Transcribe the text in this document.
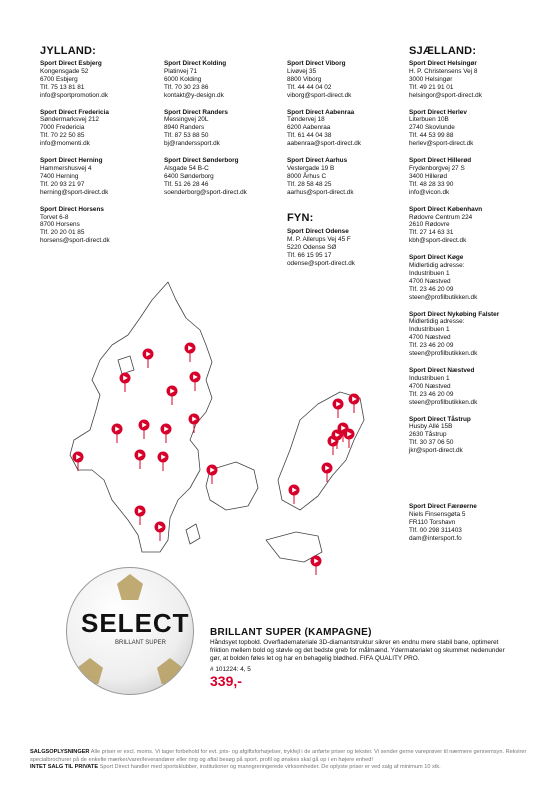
JYLLAND:	SJÆLLAND:
Sport Direct Esbjerg
Kongensgade 52
6700 Esbjerg
Tlf. 75 13 81 81
info@sportpromotion.dk
Sport Direct Fredericia
Søndermarksvej 212
7000 Fredericia
Tlf. 70 22 50 85
info@momenti.dk
Sport Direct Herning
Hammershusvej 4
7400 Herning
Tlf. 20 93 21 97
herning@sport-direct.dk
Sport Direct Horsens
Torvet 6-8
8700 Horsens
Tlf. 20 20 01 85
horsens@sport-direct.dk
Sport Direct Kolding
Platinvej 71
6000 Kolding
Tlf. 70 30 23 86
kontakt@y-design.dk
Sport Direct Randers
Messingvej 20L
8940 Randers
Tlf. 87 53 88 50
bj@randerssport.dk
Sport Direct Sønderborg
Alsgade 54 B-C
6400 Sønderborg
Tlf. 51 26 28 46
soenderborg@sport-direct.dk
Sport Direct Viborg
Livøvej 35
8800 Viborg
Tlf. 44 44 04 02
viborg@sport-direct.dk
Sport Direct Aabenraa
Tøndervej 18
6200 Aabenraa
Tlf. 61 44 04 38
aabenraa@sport-direct.dk
Sport Direct Aarhus
Vestergade 19 B
8000 Århus C
Tlf. 28 58 48 25
aarhus@sport-direct.dk
Sport Direct Helsingør
H. P. Christensens Vej 8
3000 Helsingør
Tlf. 49 21 91 01
helsingor@sport-direct.dk
Sport Direct Herlev
Literbuen 10B
2740 Skovlunde
Tlf. 44 53 99 88
herlev@sport-direct.dk
Sport Direct Hillerød
Frydenborgvej 27 S
3400 Hillerød
Tlf. 48 28 33 90
info@vicon.dk
Sport Direct København
Rødovre Centrum 224
2610 Rødovre
Tlf. 27 14 63 31
kbh@sport-direct.dk
Sport Direct Køge
Midlertidig adresse:
Industribuen 1
4700 Næstved
Tlf. 23 46 20 09
steen@profilbutikken.dk
Sport Direct Nykøbing Falster
Midlertidig adresse:
Industribuen 1
4700 Næstved
Tlf. 23 46 20 09
steen@profilbutikken.dk
Sport Direct Næstved
Industribuen 1
4700 Næstved
Tlf. 23 46 20 09
steen@profilbutikken.dk
Sport Direct Tåstrup
Husby Allé 15B
2630 Tåstrup
Tlf. 30 37 06 50
jkr@sport-direct.dk
FYN:
Sport Direct Odense
M. P. Allerups Vej 45 F
5220 Odense SØ
Tlf. 66 15 95 17
odense@sport-direct.dk
Sport Direct Færøerne
Niels Finsensgøta 5
FR110 Torshavn
Tlf. 00 298 311403
dam@intersport.fo
SELECT
BRILLANT SUPER
BRILLANT SUPER (KAMPAGNE)
Håndsyet topbold. Overflademateriale 3D-diamantstruktur sikrer en endnu mere stabil bane, optimeret friktion mellem bold og støvle og det bedste greb for målmænd. Ydermaterialet og skummet nedenunder gør, at bolden føles let og har en behagelig blødhed. FIFA QUALITY PRO.
# 101224: 4, 5
339,-
SALGSOPLYSNINGER Alle priser er excl. moms. Vi tager forbehold for evt. pris- og afgiftsforhøjelser, trykfejl i de anførte priser og tekster. Vi sender gerne vareprøver til nærmere gennemsyn. Rekvirer specialbrochurer på de enkelte mærker/varer/leverandører eller ring og aftal besøg på sport. profil og ønskes skal gå op i en højere enhed!
INTET SALG TIL PRIVATE Sport Direct handler med sportsklubber, institutioner og manngreringerede virksomheder. De oplyste priser er ved salg af minimum 10 stk.
